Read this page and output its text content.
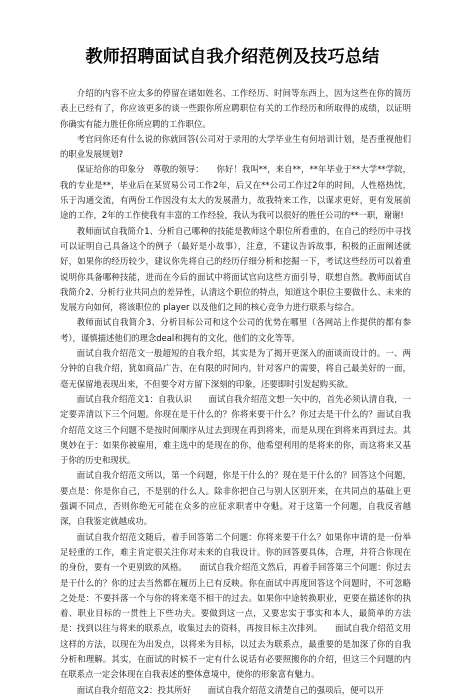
教师招聘面试自我介绍范例及技巧总结

介绍的内容不应太多的停留在诸如姓名、工作经历、时间等东西上，因为这些在你的简历表上已经有了，你应该更多的谈一些跟你所应聘职位有关的工作经历和所取得的成绩，以证明你确实有能力胜任你所应聘的工作职位。

考官问你还有什么说的你就回答(公司对于录用的大学毕业生有何培训计划，是否重视他们的职业发展规划?

保证给你的印象分　尊敬的领导：　　你好！我叫**，来自**，**年毕业于**大学**学院，我的专业是**，毕业后在某贸易公司工作2年，后又在**公司工作过2年的时间，人性格热忱，乐于沟通交流，有两份工作因没有太大的发展潜力，故我特来工作，以谋求更好，更有发展前途的工作，2年的工作使我有丰富的工作经验，我认为我可以很好的胜任公司的**一职，谢谢!

教师面试自我简介1、分析自己哪种的技能是教师这个职位所看重的，在自己的经历中寻找可以证明自己具备这个的例子（最好是小故事），注意，不建议告诉故事，积极的正面阐述就好，如果你的经历较少，建议你先将自己的经历仔细分析和挖掘一下，考试这些经历可以着重说明你具备哪种技能，进而在今后的面试中将面试官向这些方面引导，联想自然。教师面试自我简介2、分析行业共同点的差异性，认清这个职位的特点，知道这个职位主要做什么、未来的发展方向如何，将该职位的 player 以及他们之间的核心竞争力进行联系与综合。

教师面试自我简介3、分析目标公司和这个公司的优势在哪里（各网站上作提供的都有参考），谨慎描述他们的理念deal和拥有的文化，他们的文化等等。

面试自我介绍范文一般超短的自我介绍，其实是为了揭开更深入的面谈而设计的。一、两分钟的自我介绍，犹如商品广告，在有限的时间内，针对客户的需要，将自己最美好的一面，毫无保留地表现出来，不但要令对方留下深刻的印象，还要即时引发起购买欲。

面试自我介绍范文1：自我认识　　面试自我介绍范文想一矢中的，首先必须认清自我，一定要弄清以下三个问题。你现在是干什么的？你将来要干什么？你过去是干什么的？面试自我介绍范文这三个问题不是按时间顺序从过去到现在再到将来，而是从现在到将来再到过去。其奥妙在于：如果你被雇用，难主选中的是现在的你，他希望利用的是将来的你，而这将来又基于你的历史和现状。

面试自我介绍范文所以，第一个问题，你是干什么的？现在是干什么的？回答这个问题，要点是：你是你自己，不是别的什么人。除非你把自己与别人区别开来，在共同点的基础上更强调不同点，否则你绝无可能在众多的应征求职者中夺魁。对于这第一个问题，自我反省越深，自我鉴定就越成功。

面试自我介绍范文随后，着手回答第二个问题：你将来要干什么？如果你申请的是一份举足轻重的工作，难主肯定很关注你对未来的自我设计。你的回答要具体，合理，并符合你现在的身份，要有一个更别致的风格。　　面试自我介绍范文然后，再着手回答第三个问题：你过去是干什么的？你的过去当然都在履历上已有反映。你在面试中再度回答这个问题时，不可忽略之处是：不要抖落一个与你的将来毫不相干的过去。如果你中途转换职业，更要在描述你的执着、职业目标的一贯性上下些功夫。要做到这一点，又要忠实于事实和本人，最简单的方法是：找到以往与将来的联系点，收集过去的资料，再按目标主次排列。　　面试自我介绍范文用这样的方法，以现在为出发点，以将来为目标，以过去为联系点，最重要的是加深了你的自我分析和理解。其实，在面试的时候不一定有什么说话有必要照搬你的介绍，但这三个问题的内在联系点一定会体现在自我表述的整体意境中，使你的形象富有魅力。

面试自我介绍范文2：投其所好　　面试自我介绍范文清楚自己的强项后，便可以开
